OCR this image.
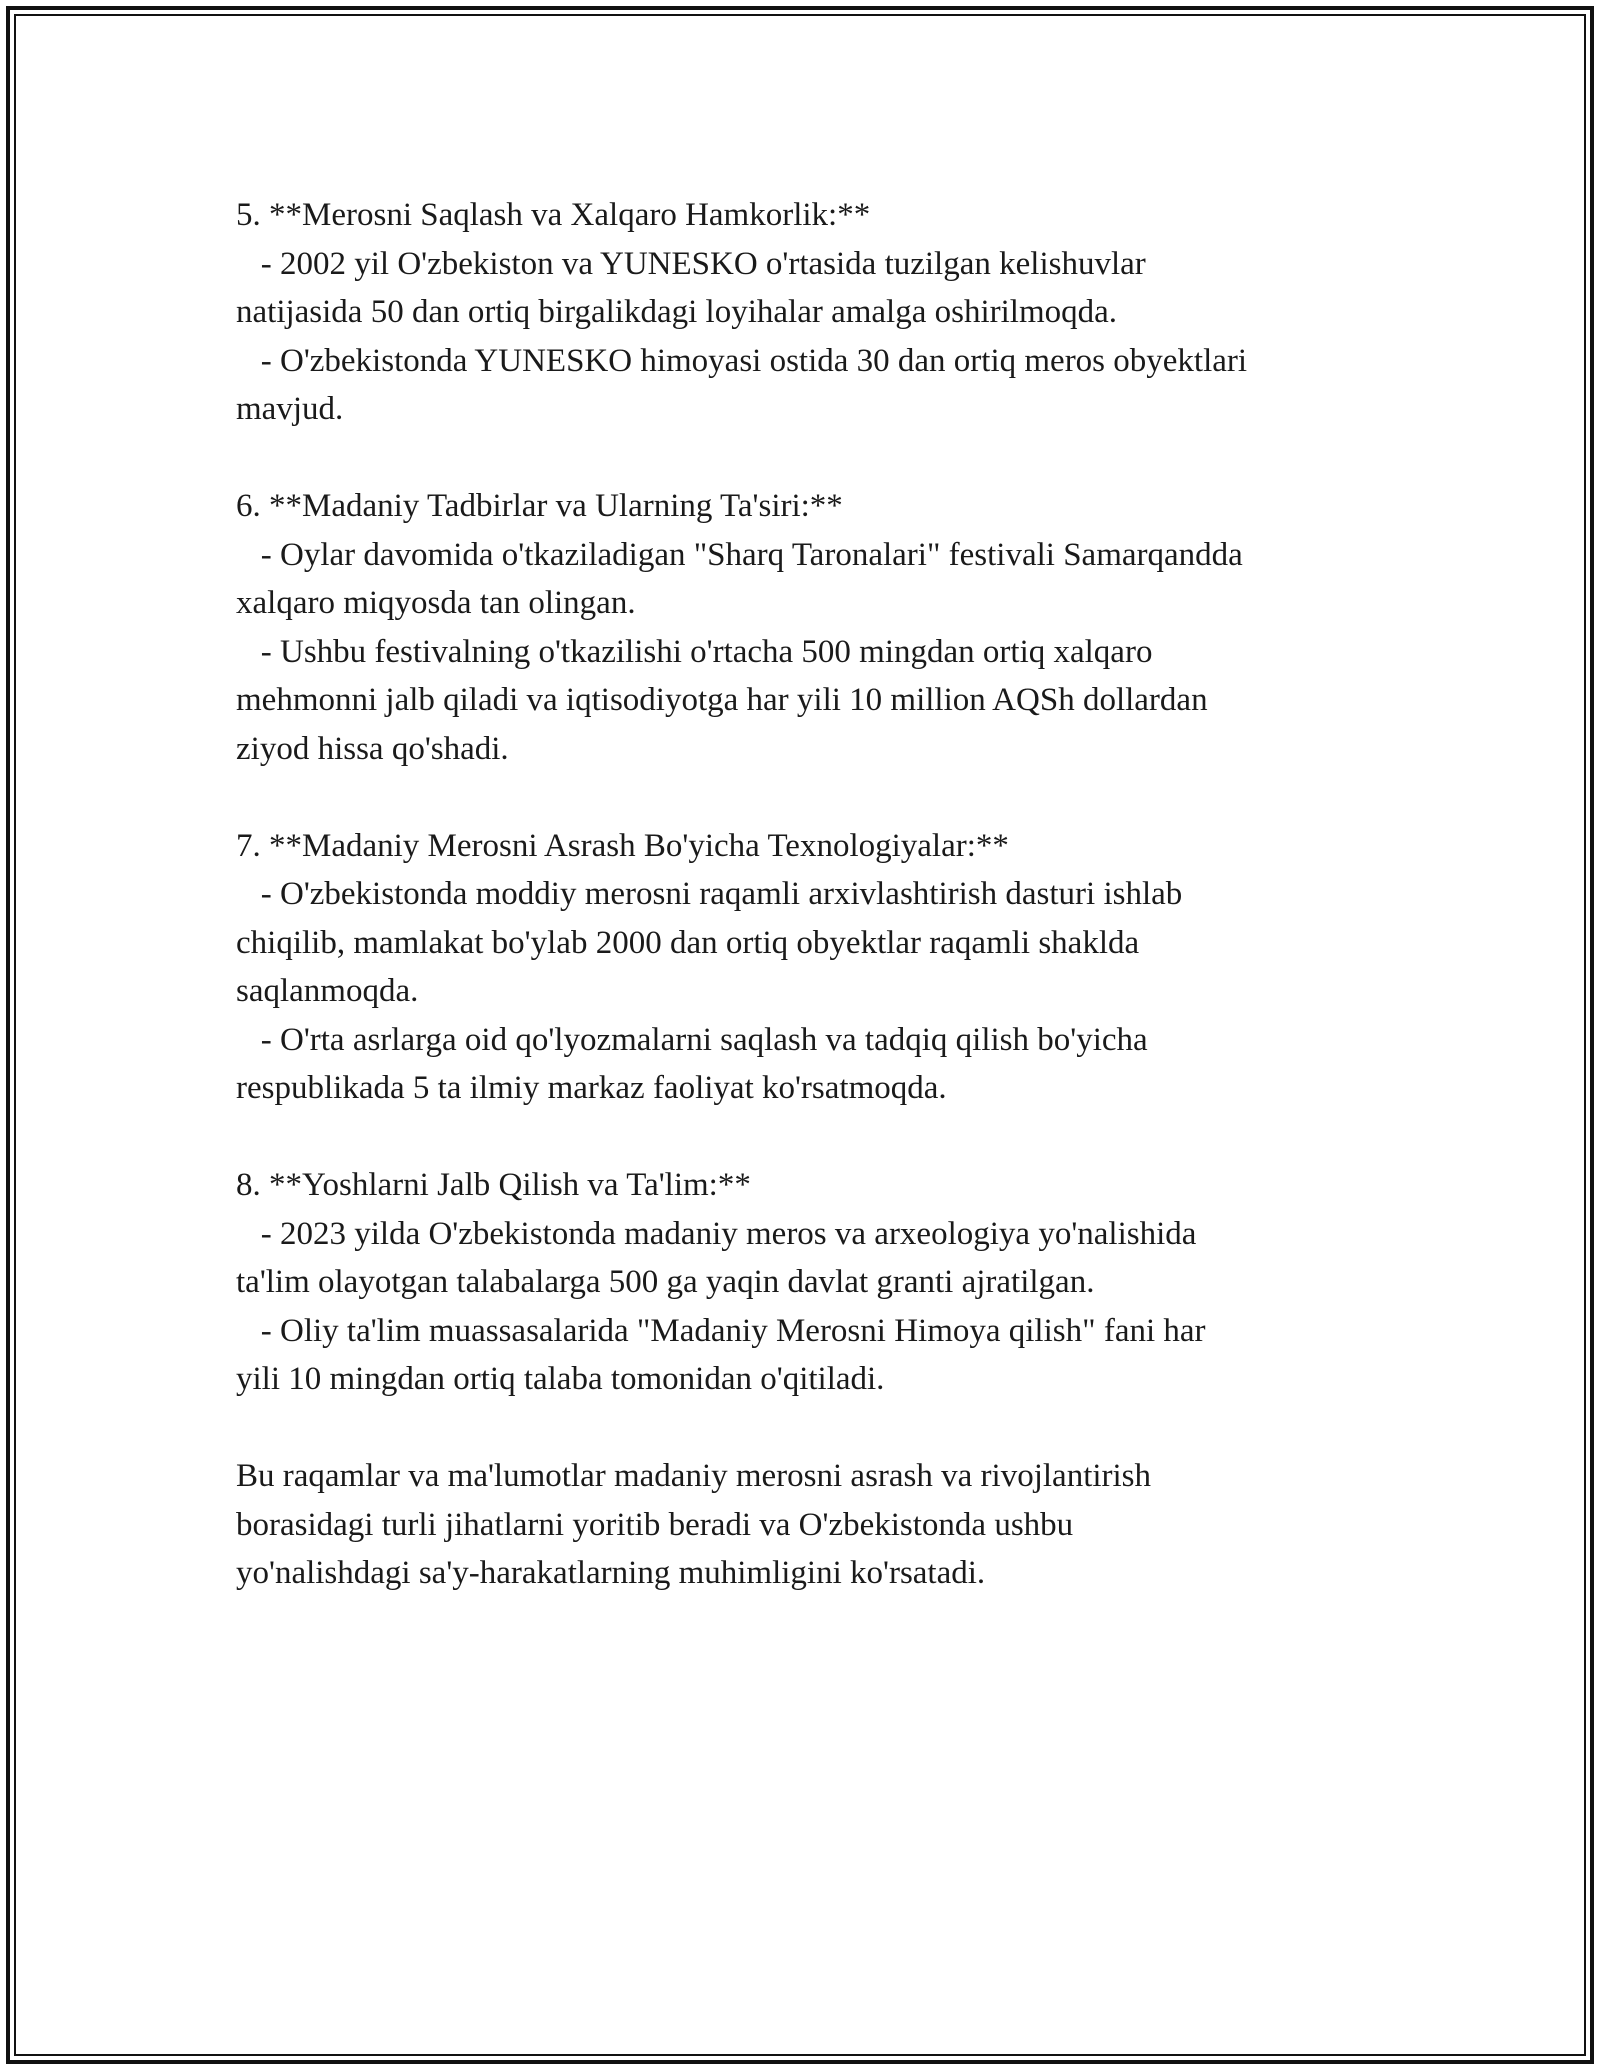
5. **Merosni Saqlash va Xalqaro Hamkorlik:**
- 2002 yil O'zbekiston va YUNESKO o'rtasida tuzilgan kelishuvlar
natijasida 50 dan ortiq birgalikdagi loyihalar amalga oshirilmoqda.
- O'zbekistonda YUNESKO himoyasi ostida 30 dan ortiq meros obyektlari
mavjud.
6. **Madaniy Tadbirlar va Ularning Ta'siri:**
- Oylar davomida o'tkaziladigan "Sharq Taronalari" festivali Samarqandda
xalqaro miqyosda tan olingan.
- Ushbu festivalning o'tkazilishi o'rtacha 500 mingdan ortiq xalqaro
mehmonni jalb qiladi va iqtisodiyotga har yili 10 million AQSh dollardan
ziyod hissa qo'shadi.
7. **Madaniy Merosni Asrash Bo'yicha Texnologiyalar:**
- O'zbekistonda moddiy merosni raqamli arxivlashtirish dasturi ishlab
chiqilib, mamlakat bo'ylab 2000 dan ortiq obyektlar raqamli shaklda
saqlanmoqda.
- O'rta asrlarga oid qo'lyozmalarni saqlash va tadqiq qilish bo'yicha
respublikada 5 ta ilmiy markaz faoliyat ko'rsatmoqda.
8. **Yoshlarni Jalb Qilish va Ta'lim:**
- 2023 yilda O'zbekistonda madaniy meros va arxeologiya yo'nalishida
ta'lim olayotgan talabalarga 500 ga yaqin davlat granti ajratilgan.
- Oliy ta'lim muassasalarida "Madaniy Merosni Himoya qilish" fani har
yili 10 mingdan ortiq talaba tomonidan o'qitiladi.
Bu raqamlar va ma'lumotlar madaniy merosni asrash va rivojlantirish
borasidagi turli jihatlarni yoritib beradi va O'zbekistonda ushbu
yo'nalishdagi sa'y-harakatlarning muhimligini ko'rsatadi.
